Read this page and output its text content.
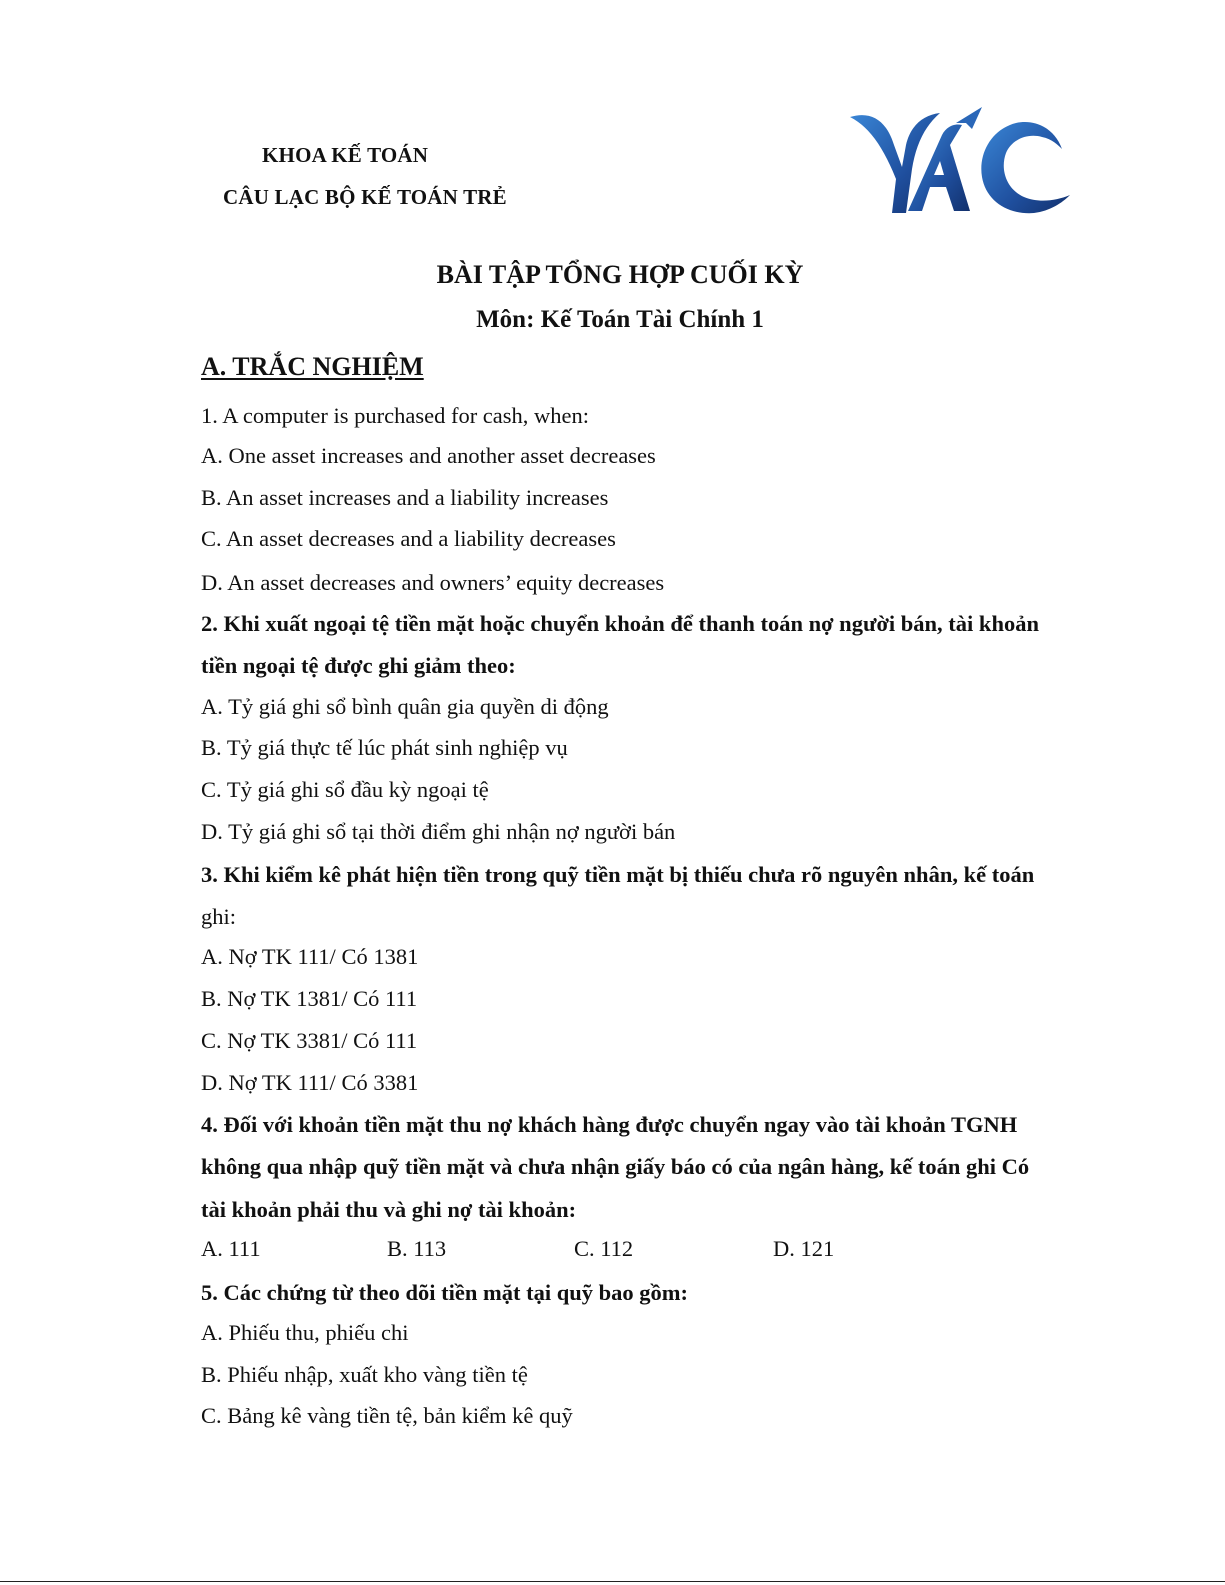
KHOA KẾ TOÁN
CÂU LẠC BỘ KẾ TOÁN TRẺ
BÀI TẬP TỔNG HỢP CUỐI KỲ
Môn: Kế Toán Tài Chính 1
A. TRẮC NGHIỆM
1. A computer is purchased for cash, when:
A. One asset increases and another asset decreases
B. An asset increases and a liability increases
C. An asset decreases and a liability decreases
D. An asset decreases and owners’ equity decreases
2. Khi xuất ngoại tệ tiền mặt hoặc chuyển khoản để thanh toán nợ người bán, tài khoản
tiền ngoại tệ được ghi giảm theo:
A. Tỷ giá ghi sổ bình quân gia quyền di động
B. Tỷ giá thực tế lúc phát sinh nghiệp vụ
C. Tỷ giá ghi sổ đầu kỳ ngoại tệ
D. Tỷ giá ghi sổ tại thời điểm ghi nhận nợ người bán
3. Khi kiểm kê phát hiện tiền trong quỹ tiền mặt bị thiếu chưa rõ nguyên nhân, kế toán
ghi:
A. Nợ TK 111/ Có 1381
B. Nợ TK 1381/ Có 111
C. Nợ TK 3381/ Có 111
D. Nợ TK 111/ Có 3381
4. Đối với khoản tiền mặt thu nợ khách hàng được chuyển ngay vào tài khoản TGNH
không qua nhập quỹ tiền mặt và chưa nhận giấy báo có của ngân hàng, kế toán ghi Có
tài khoản phải thu và ghi nợ tài khoản:
A. 111	B. 113	C. 112	D. 121
5. Các chứng từ theo dõi tiền mặt tại quỹ bao gồm:
A. Phiếu thu, phiếu chi
B. Phiếu nhập, xuất kho vàng tiền tệ
C. Bảng kê vàng tiền tệ, bản kiểm kê quỹ
